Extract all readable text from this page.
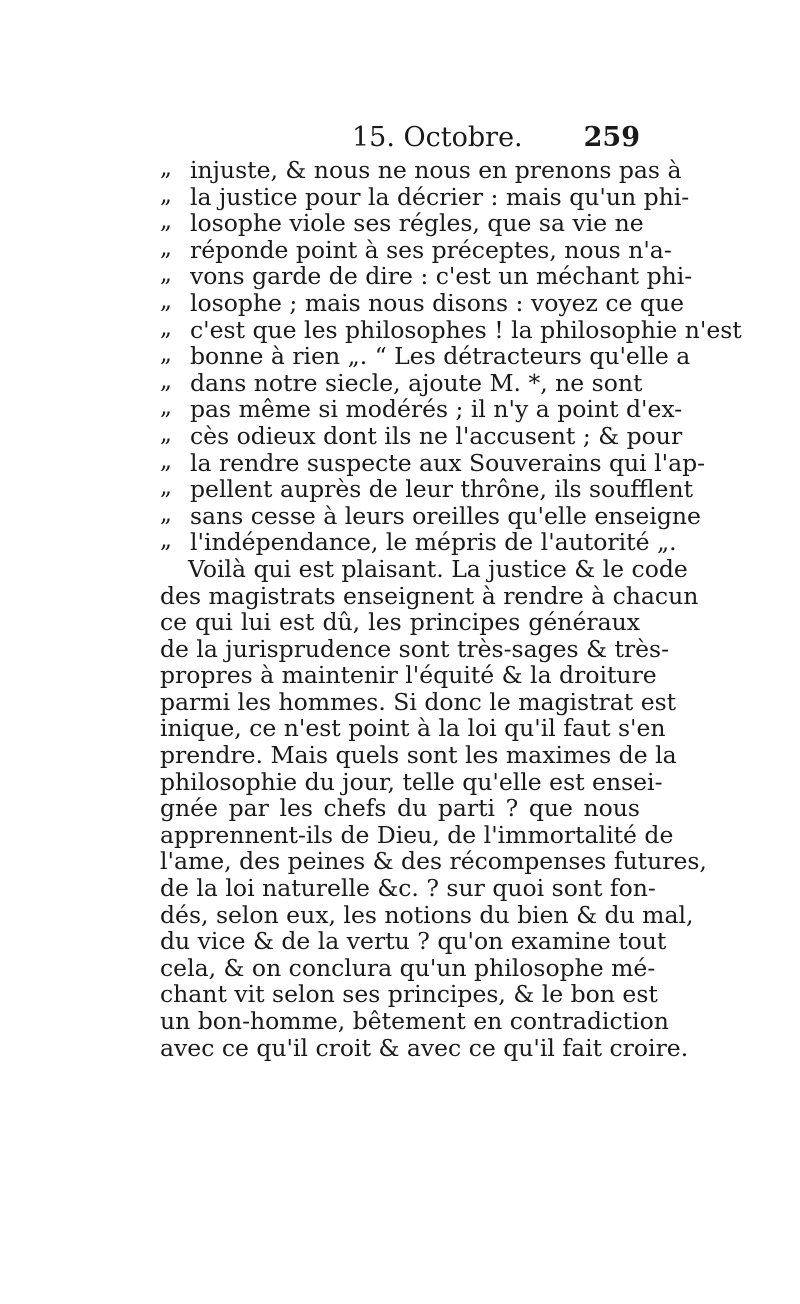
15. Octobre. 259
„ injuste, & nous ne nous en prenons pas à
„ la justice pour la décrier : mais qu'un phi-
„ losophe viole ses régles, que sa vie ne
„ réponde point à ses préceptes, nous n'a-
„ vons garde de dire : c'est un méchant phi-
„ losophe ; mais nous disons : voyez ce que
„ c'est que les philosophes ! la philosophie n'est
„ bonne à rien „. “ Les détracteurs qu'elle a
„ dans notre siecle, ajoute M. *, ne sont
„ pas même si modérés ; il n'y a point d'ex-
„ cès odieux dont ils ne l'accusent ; & pour
„ la rendre suspecte aux Souverains qui l'ap-
„ pellent auprès de leur thrône, ils soufflent
„ sans cesse à leurs oreilles qu'elle enseigne
„ l'indépendance, le mépris de l'autorité „.
Voilà qui est plaisant. La justice & le code
des magistrats enseignent à rendre à chacun
ce qui lui est dû, les principes généraux
de la jurisprudence sont très-sages & très-
propres à maintenir l'équité & la droiture
parmi les hommes. Si donc le magistrat est
inique, ce n'est point à la loi qu'il faut s'en
prendre. Mais quels sont les maximes de la
philosophie du jour, telle qu'elle est ensei-
gnée par les chefs du parti ? que nous
apprennent-ils de Dieu, de l'immortalité de
l'ame, des peines & des récompenses futures,
de la loi naturelle &c. ? sur quoi sont fon-
dés, selon eux, les notions du bien & du mal,
du vice & de la vertu ? qu'on examine tout
cela, & on conclura qu'un philosophe mé-
chant vit selon ses principes, & le bon est
un bon-homme, bêtement en contradiction
avec ce qu'il croit & avec ce qu'il fait croire.
